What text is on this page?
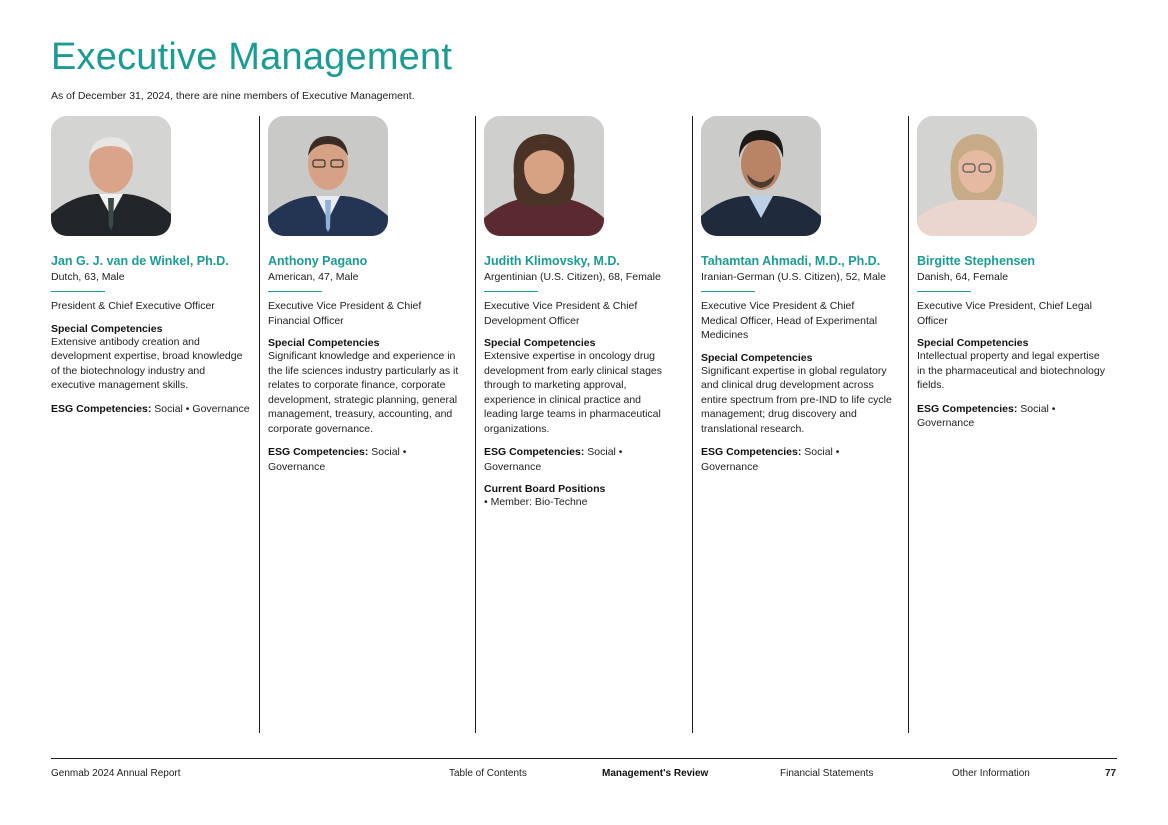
Executive Management

As of December 31, 2024, there are nine members of Executive Management.

Jan G. J. van de Winkel, Ph.D.
Dutch, 63, Male
President & Chief Executive Officer
Special Competencies
Extensive antibody creation and development expertise, broad knowledge of the biotechnology industry and executive management skills.
ESG Competencies: Social • Governance
Anthony Pagano
American, 47, Male
Executive Vice President & Chief Financial Officer
Special Competencies
Significant knowledge and experience in the life sciences industry particularly as it relates to corporate finance, corporate development, strategic planning, general management, treasury, accounting, and corporate governance.
ESG Competencies: Social • Governance
Judith Klimovsky, M.D.
Argentinian (U.S. Citizen), 68, Female
Executive Vice President & Chief Development Officer
Special Competencies
Extensive expertise in oncology drug development from early clinical stages through to marketing approval, experience in clinical practice and leading large teams in pharmaceutical organizations.
ESG Competencies: Social • Governance
Current Board Positions
• Member: Bio-Techne
Tahamtan Ahmadi, M.D., Ph.D.
Iranian-German (U.S. Citizen), 52, Male
Executive Vice President & Chief Medical Officer, Head of Experimental Medicines
Special Competencies
Significant expertise in global regulatory and clinical drug development across entire spectrum from pre-IND to life cycle management; drug discovery and translational research.
ESG Competencies: Social • Governance
Birgitte Stephensen
Danish, 64, Female
Executive Vice President, Chief Legal Officer
Special Competencies
Intellectual property and legal expertise in the pharmaceutical and biotechnology fields.
ESG Competencies: Social • Governance
Genmab 2024 Annual Report	Table of Contents	Management's Review	Financial Statements	Other Information	77
